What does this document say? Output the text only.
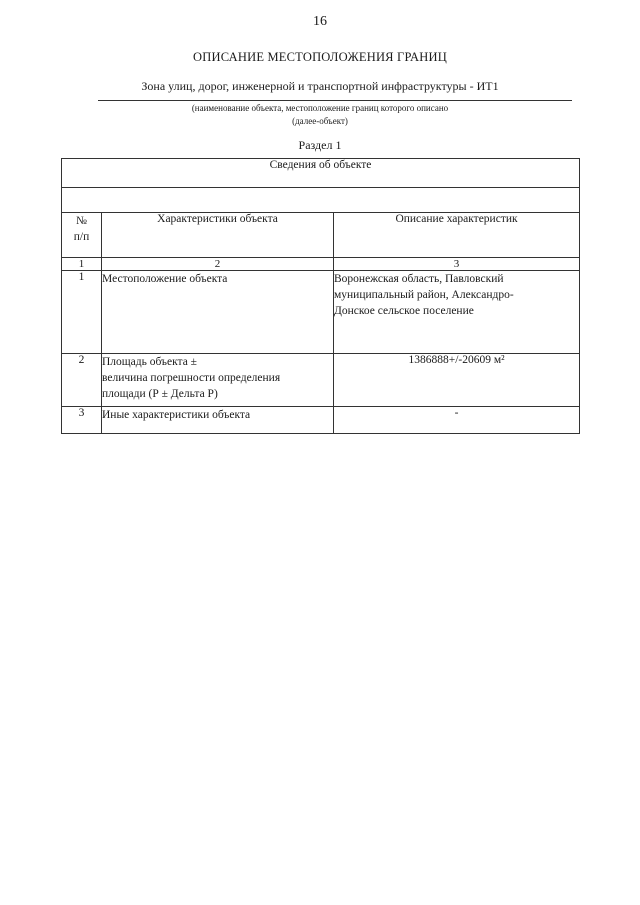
16
ОПИСАНИЕ МЕСТОПОЛОЖЕНИЯ ГРАНИЦ
Зона улиц, дорог, инженерной и транспортной инфраструктуры - ИТ1
(наименование объекта, местоположение границ которого описано
(далее-объект)
Раздел 1
Сведения об объекте		

№
п/п	Характеристики объекта	Описание характеристик
1	2	3
1	Местоположение объекта	Воронежская область, Павловский
муниципальный район, Александро-
Донское сельское поселение

2	Площадь объекта ±
величина погрешности определения
площади (Р ± Дельта Р)	1386888+/-20609 м²

3	Иные характеристики объекта	-
